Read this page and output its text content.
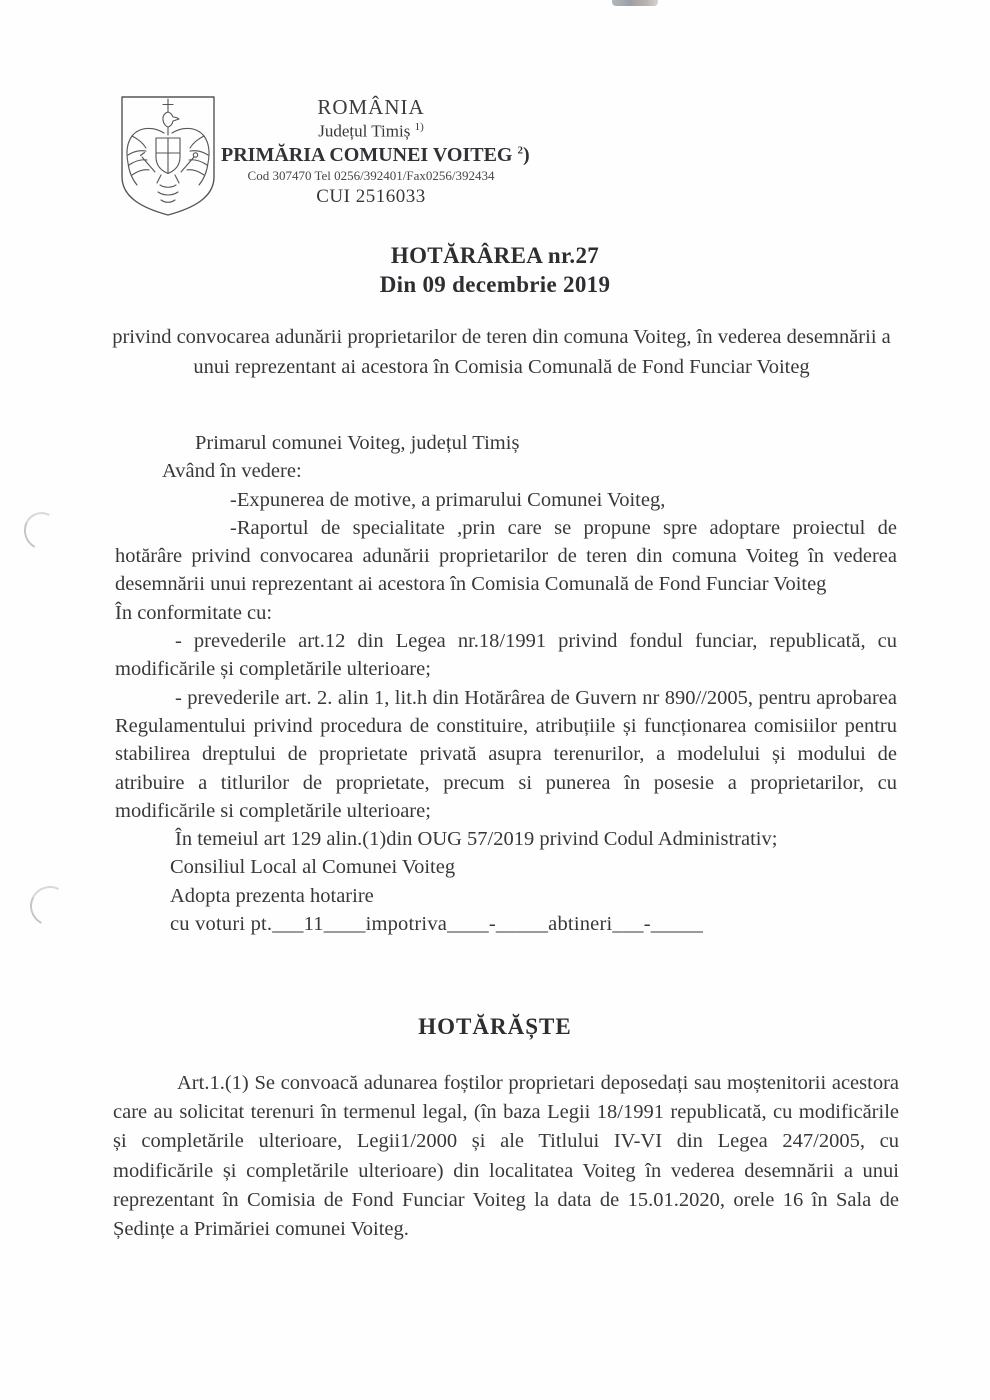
ROMÂNIA
Județul Timiș $^{1)}$
PRIMĂRIA COMUNEI VOITEG $^2$)
Cod 307470 Tel 0256/392401/Fax0256/392434
CUI 2516033
HOTĂRÂREA nr.27
Din 09 decembrie 2019
privind convocarea adunării proprietarilor de teren din comuna Voiteg, în vederea desemnării a unui reprezentant ai acestora în Comisia Comunală de Fond Funciar Voiteg

Primarul comunei Voiteg, județul Timiș

Având în vedere:

-Expunerea de motive, a primarului Comunei Voiteg,

-Raportul de specialitate ,prin care se propune spre adoptare proiectul de hotărâre privind convocarea adunării proprietarilor de teren din comuna Voiteg în vederea desemnării unui reprezentant ai acestora în Comisia Comunală de Fond Funciar Voiteg

În conformitate cu:

- prevederile art.12 din Legea nr.18/1991 privind fondul funciar, republicată, cu modificările și completările ulterioare;

- prevederile art. 2. alin 1, lit.h din Hotărârea de Guvern nr 890//2005, pentru aprobarea Regulamentului privind procedura de constituire, atribuțiile și funcționarea comisiilor pentru stabilirea dreptului de proprietate privată asupra terenurilor, a modelului și modului de atribuire a titlurilor de proprietate, precum si punerea în posesie a proprietarilor, cu modificările si completările ulterioare;

În temeiul art 129 alin.(1)din OUG 57/2019 privind Codul Administrativ;

Consiliul Local al Comunei Voiteg

Adopta prezenta hotarire

cu voturi pt.___11____impotriva____-_____abtineri___-_____

HOTĂRĂȘTE
Art.1.(1) Se convoacă adunarea foștilor proprietari deposedați sau moștenitorii acestora care au solicitat terenuri în termenul legal, (în baza Legii 18/1991 republicată, cu modificările și completările ulterioare, Legii1/2000 și ale Titlului IV-VI din Legea 247/2005, cu modificările și completările ulterioare) din localitatea Voiteg în vederea desemnării a unui reprezentant în Comisia de Fond Funciar Voiteg la data de 15.01.2020, orele 16 în Sala de Ședințe a Primăriei comunei Voiteg.
